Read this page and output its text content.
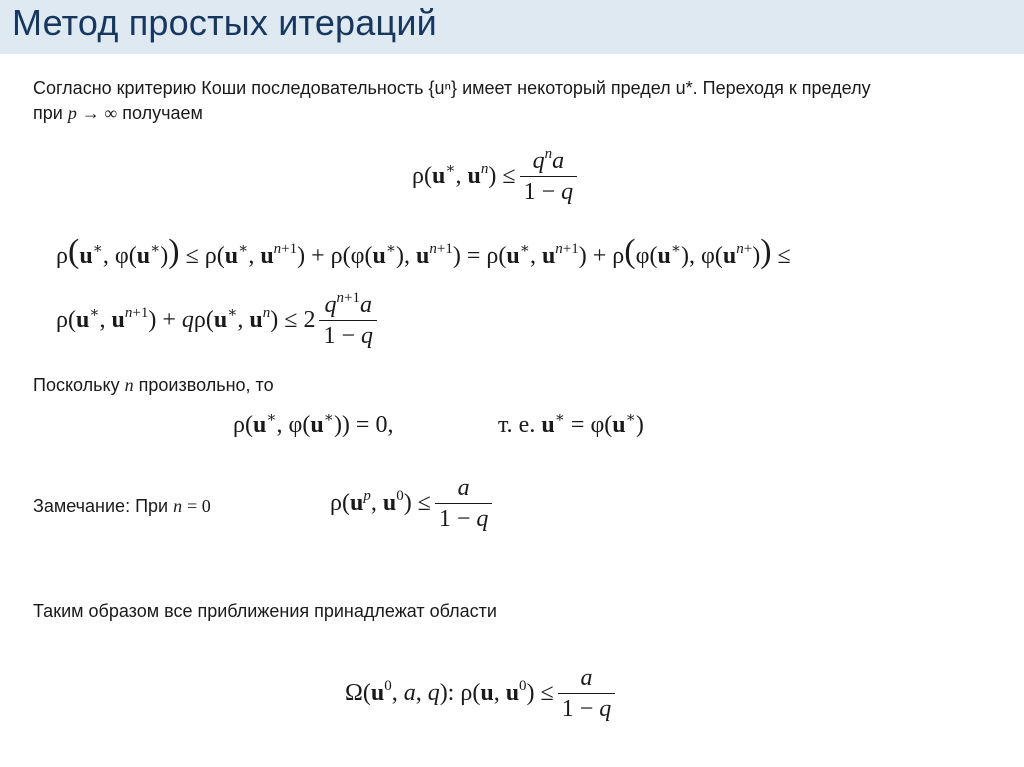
Метод простых итераций
Согласно критерию Коши последовательность {uⁿ} имеет некоторый предел u*. Переходя к пределу
при p → ∞ получаем
ρ(u∗, $u^n) \le \frac{q^na}{1 - q}$
ρ(u∗, φ(u∗)) ≤ ρ(u∗, $u^{n+1}) + \rho(\varphi(u^∗)$, $u^{n+1}) = \rho(u^∗$, $u^{n+1}) + \rho(\varphi(u^∗)$, $\varphi(u^{n+})$) ≤
ρ(u∗, $u^{n+1}) + q\rho(u^∗$, $u^n) \le 2 \frac{q^{n+1}a}{1 - q}$
Поскольку n произвольно, то
ρ(u∗, φ(u∗)) = 0,	т. е. u∗ = φ(u∗)
Замечание: При n = 0	$\rho(u^p$, $u^0) \le \frac{a}{1 - q}$
Таким образом все приближения принадлежат области
$\Omega(u^0$, a, q): ρ(u, $u^0) \le \frac{a}{1 - q}$
